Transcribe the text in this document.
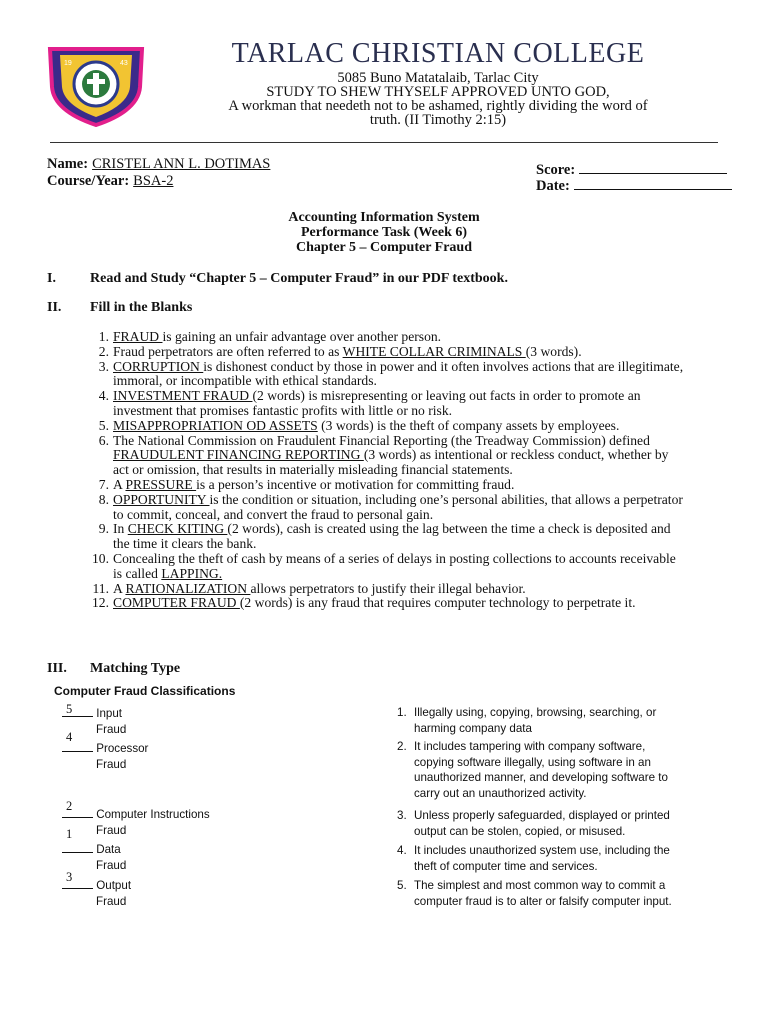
19	43	TARLAC CHRISTIAN COLLEGE
5085 Buno Matatalaib, Tarlac City
STUDY TO SHEW THYSELF APPROVED UNTO GOD,
A workman that needeth not to be ashamed, rightly dividing the word of
truth. (II Timothy 2:15)
Name: CRISTEL ANN L. DOTIMAS
Course/Year: BSA-2
Score:
Date:
Accounting Information System
Performance Task (Week 6)
Chapter 5 – Computer Fraud
I. Read and Study “Chapter 5 – Computer Fraud” in our PDF textbook.
II. Fill in the Blanks
1. FRAUD is gaining an unfair advantage over another person.
2. Fraud perpetrators are often referred to as WHITE COLLAR CRIMINALS (3 words).
3. CORRUPTION is dishonest conduct by those in power and it often involves actions that are illegitimate, immoral, or incompatible with ethical standards.
4. INVESTMENT FRAUD (2 words) is misrepresenting or leaving out facts in order to promote an investment that promises fantastic profits with little or no risk.
5. MISAPPROPRIATION OD ASSETS (3 words) is the theft of company assets by employees.
6. The National Commission on Fraudulent Financial Reporting (the Treadway Commission) defined FRAUDULENT FINANCING REPORTING (3 words) as intentional or reckless conduct, whether by act or omission, that results in materially misleading financial statements.
7. A PRESSURE is a person’s incentive or motivation for committing fraud.
8. OPPORTUNITY is the condition or situation, including one’s personal abilities, that allows a perpetrator to commit, conceal, and convert the fraud to personal gain.
9. In CHECK KITING (2 words), cash is created using the lag between the time a check is deposited and the time it clears the bank.
10. Concealing the theft of cash by means of a series of delays in posting collections to accounts receivable is called LAPPING.
11. A RATIONALIZATION allows perpetrators to justify their illegal behavior.
12. COMPUTER FRAUD (2 words) is any fraud that requires computer technology to perpetrate it.
III. Matching Type
Computer Fraud Classifications
5 Input
Fraud
4
Processor
Fraud
2
Computer Instructions
Fraud
1
Data
Fraud
3
Output
Fraud
1. Illegally using, copying, browsing, searching, or
harming company data
2. It includes tampering with company software,
copying software illegally, using software in an
unauthorized manner, and developing software to
carry out an unauthorized activity.
3. Unless properly safeguarded, displayed or printed
output can be stolen, copied, or misused.
4. It includes unauthorized system use, including the
theft of computer time and services.
5. The simplest and most common way to commit a
computer fraud is to alter or falsify computer input.
